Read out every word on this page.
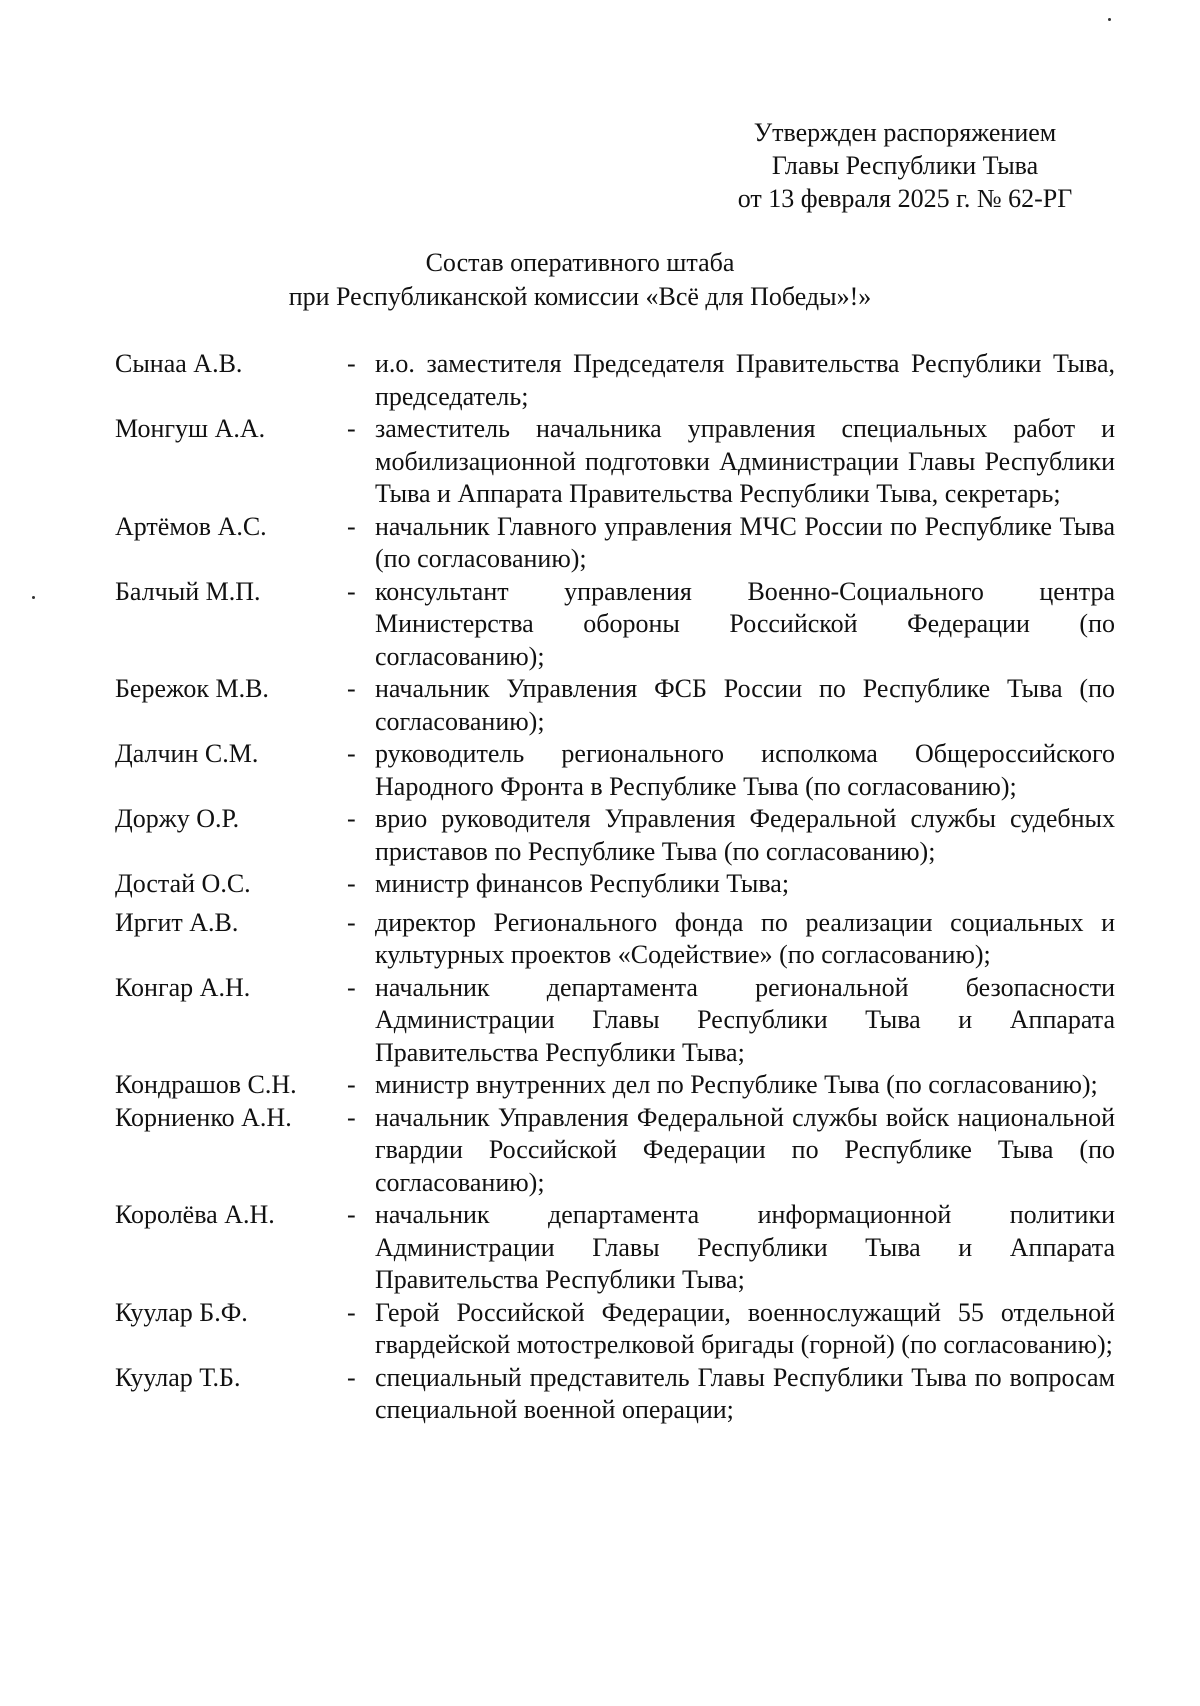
Утвержден распоряжением
Главы Республики Тыва
от 13 февраля 2025 г. № 62-РГ
Состав оперативного штаба
при Республиканской комиссии «Всё для Победы»!»
Сынаа А.В.	- и.о. заместителя Председателя Правительства Республики Тыва, председатель;
Монгуш А.А.	- заместитель начальника управления специальных работ и мобилизационной подготовки Администрации Главы Республики Тыва и Аппарата Правительства Республики Тыва, секретарь;
Артёмов А.С.	- начальник Главного управления МЧС России по Республике Тыва (по согласованию);
Балчый М.П.	- консультант управления Военно-Социального центра Министерства обороны Российской Федерации (по согласованию);
Бережок М.В.	- начальник Управления ФСБ России по Республике Тыва (по согласованию);
Далчин С.М.	- руководитель регионального исполкома Общероссийского Народного Фронта в Республике Тыва (по согласованию);
Доржу О.Р.	- врио руководителя Управления Федеральной службы судебных приставов по Республике Тыва (по согласованию);
Достай О.С.	- министр финансов Республики Тыва;
Иргит А.В.	- директор Регионального фонда по реализации социальных и культурных проектов «Содействие» (по согласованию);
Конгар А.Н.	- начальник департамента региональной безопасности Администрации Главы Республики Тыва и Аппарата Правительства Республики Тыва;
Кондрашов С.Н.	- министр внутренних дел по Республике Тыва (по согласованию);
Корниенко А.Н.	- начальник Управления Федеральной службы войск национальной гвардии Российской Федерации по Республике Тыва (по согласованию);
Королёва А.Н.	- начальник департамента информационной политики Администрации Главы Республики Тыва и Аппарата Правительства Республики Тыва;
Куулар Б.Ф.	- Герой Российской Федерации, военнослужащий 55 отдельной гвардейской мотострелковой бригады (горной) (по согласованию);
Куулар Т.Б.	- специальный представитель Главы Республики Тыва по вопросам специальной военной операции;
